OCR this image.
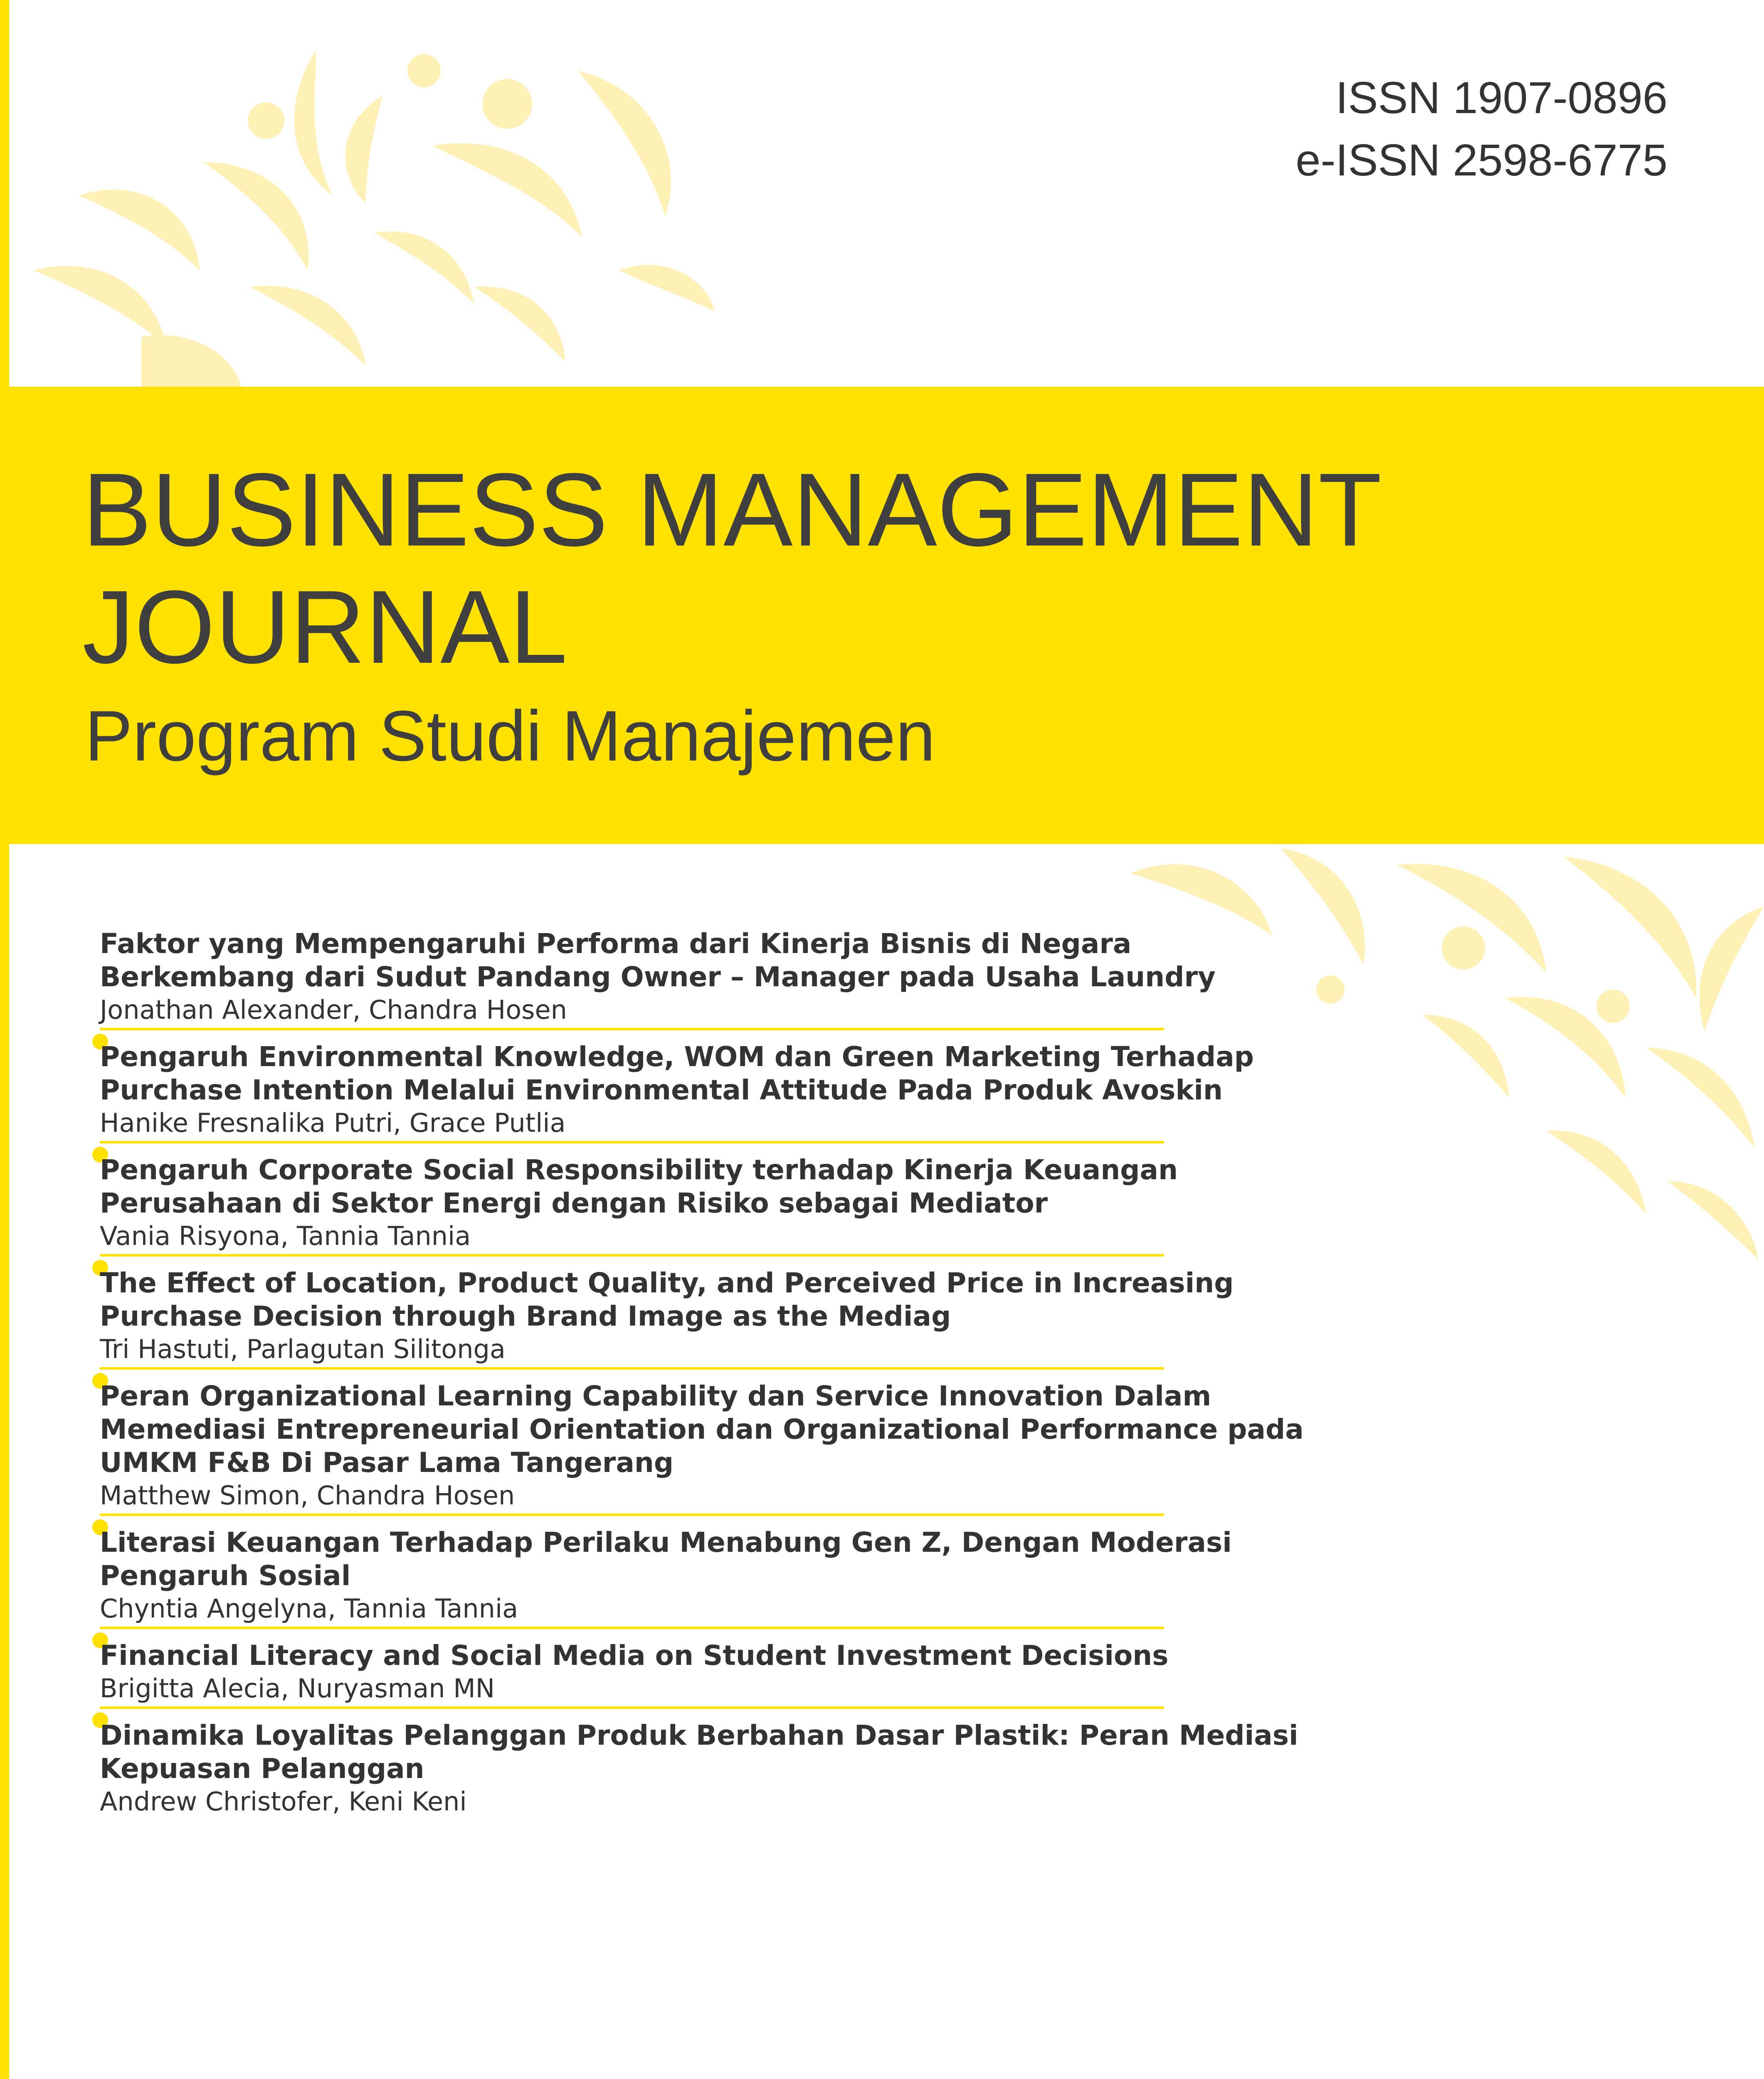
ISSN 1907-0896
e-ISSN 2598-6775
BUSINESS MANAGEMENT
JOURNAL
Program Studi Manajemen

Faktor yang Mempengaruhi Performa dari Kinerja Bisnis di Negara Berkembang dari Sudut Pandang Owner – Manager pada Usaha Laundry

Jonathan Alexander, Chandra Hosen

Pengaruh Environmental Knowledge, WOM dan Green Marketing Terhadap Purchase Intention Melalui Environmental Attitude Pada Produk Avoskin

Hanike Fresnalika Putri, Grace Putlia

Pengaruh Corporate Social Responsibility terhadap Kinerja Keuangan Perusahaan di Sektor Energi dengan Risiko sebagai Mediator

Vania Risyona, Tannia Tannia

The Effect of Location, Product Quality, and Perceived Price in Increasing Purchase Decision through Brand Image as the Mediag

Tri Hastuti, Parlagutan Silitonga

Peran Organizational Learning Capability dan Service Innovation Dalam Memediasi Entrepreneurial Orientation dan Organizational Performance pada UMKM F&B Di Pasar Lama Tangerang

Matthew Simon, Chandra Hosen

Literasi Keuangan Terhadap Perilaku Menabung Gen Z, Dengan Moderasi Pengaruh Sosial

Chyntia Angelyna, Tannia Tannia

Financial Literacy and Social Media on Student Investment Decisions

Brigitta Alecia, Nuryasman MN

Dinamika Loyalitas Pelanggan Produk Berbahan Dasar Plastik: Peran Mediasi Kepuasan Pelanggan

Andrew Christofer, Keni Keni
